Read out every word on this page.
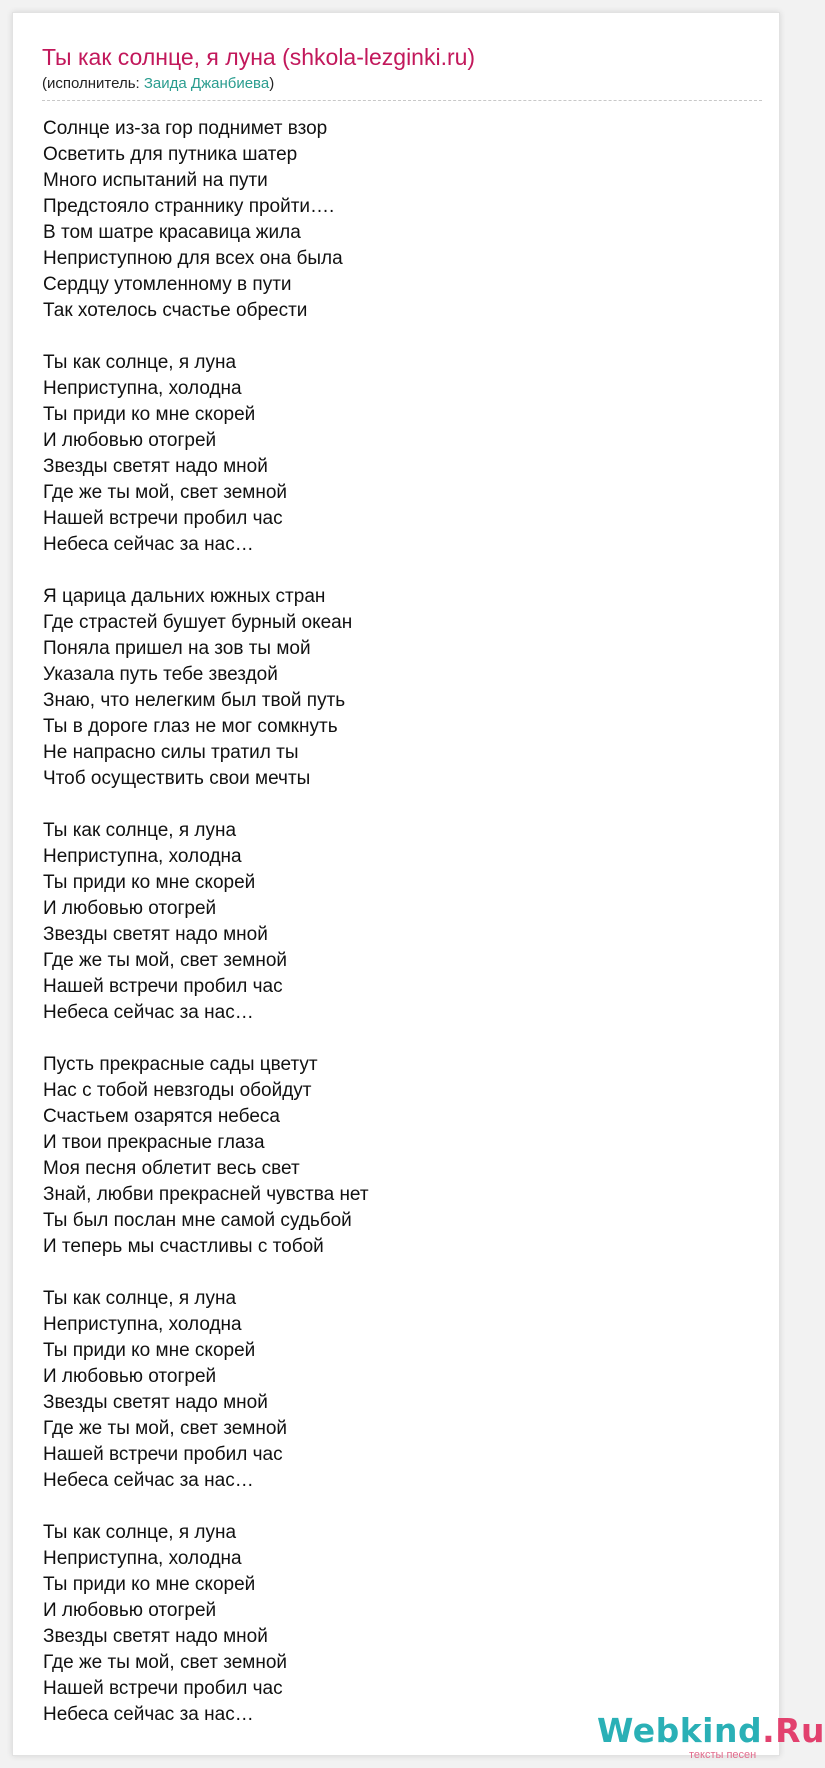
Ты как солнце, я луна (shkola-lezginki.ru)
(исполнитель: Заида Джанбиева)
Солнце из-за гор поднимет взор
Осветить для путника шатер
Много испытаний на пути
Предстояло страннику пройти….
В том шатре красавица жила
Неприступною для всех она была
Сердцу утомленному в пути
Так хотелось счастье обрести
Ты как солнце, я луна
Неприступна, холодна
Ты приди ко мне скорей
И любовью отогрей
Звезды светят надо мной
Где же ты мой, свет земной
Нашей встречи пробил час
Небеса сейчас за нас…
Я царица дальних южных стран
Где страстей бушует бурный океан
Поняла пришел на зов ты мой
Указала путь тебе звездой
Знаю, что нелегким был твой путь
Ты в дороге глаз не мог сомкнуть
Не напрасно силы тратил ты
Чтоб осуществить свои мечты
Ты как солнце, я луна
Неприступна, холодна
Ты приди ко мне скорей
И любовью отогрей
Звезды светят надо мной
Где же ты мой, свет земной
Нашей встречи пробил час
Небеса сейчас за нас…
Пусть прекрасные сады цветут
Нас с тобой невзгоды обойдут
Счастьем озарятся небеса
И твои прекрасные глаза
Моя песня облетит весь свет
Знай, любви прекрасней чувства нет
Ты был послан мне самой судьбой
И теперь мы счастливы с тобой
Ты как солнце, я луна
Неприступна, холодна
Ты приди ко мне скорей
И любовью отогрей
Звезды светят надо мной
Где же ты мой, свет земной
Нашей встречи пробил час
Небеса сейчас за нас…
Ты как солнце, я луна
Неприступна, холодна
Ты приди ко мне скорей
И любовью отогрей
Звезды светят надо мной
Где же ты мой, свет земной
Нашей встречи пробил час
Небеса сейчас за нас…	Webkind.Ru
тексты песен
